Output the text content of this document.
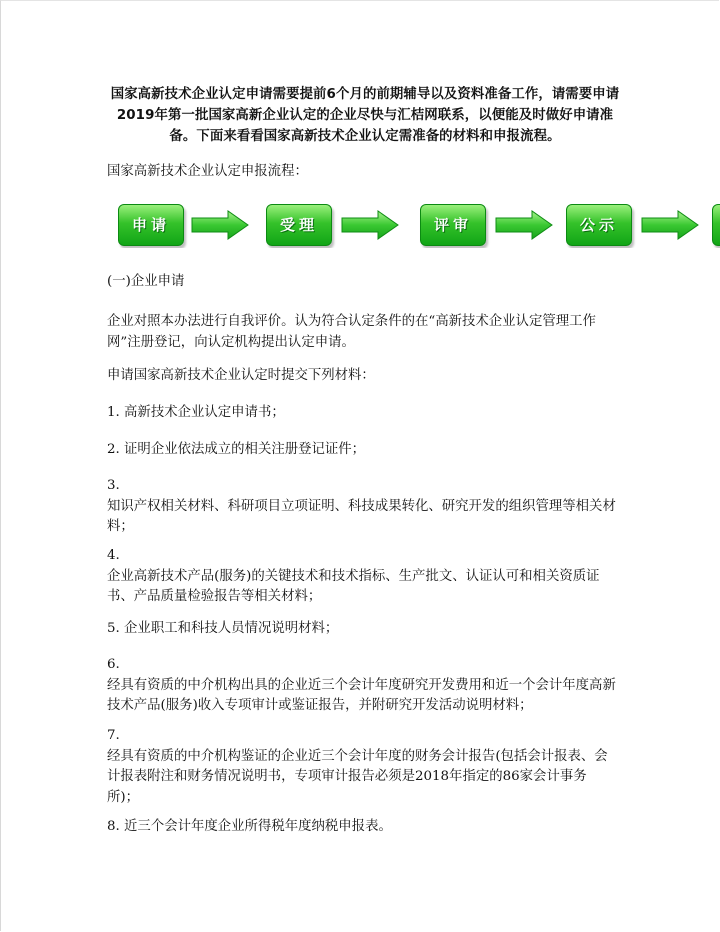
国家高新技术企业认定申请需要提前6个月的前期辅导以及资料准备工作，请需要申请2019年第一批国家高新企业认定的企业尽快与汇桔网联系，以便能及时做好申请准备。下面来看看国家高新技术企业认定需准备的材料和申报流程。
国家高新技术企业认定申报流程：
申请	受理	评审	公示
(一)企业申请
企业对照本办法进行自我评价。认为符合认定条件的在“高新技术企业认定管理工作网”注册登记，向认定机构提出认定申请。
申请国家高新技术企业认定时提交下列材料：
1. 高新技术企业认定申请书；
2. 证明企业依法成立的相关注册登记证件；
3.
知识产权相关材料、科研项目立项证明、科技成果转化、研究开发的组织管理等相关材料；
4.
企业高新技术产品(服务)的关键技术和技术指标、生产批文、认证认可和相关资质证书、产品质量检验报告等相关材料；
5. 企业职工和科技人员情况说明材料；
6.
经具有资质的中介机构出具的企业近三个会计年度研究开发费用和近一个会计年度高新技术产品(服务)收入专项审计或鉴证报告，并附研究开发活动说明材料；
7.
经具有资质的中介机构鉴证的企业近三个会计年度的财务会计报告(包括会计报表、会计报表附注和财务情况说明书，专项审计报告必须是2018年指定的86家会计事务所)；
8. 近三个会计年度企业所得税年度纳税申报表。
